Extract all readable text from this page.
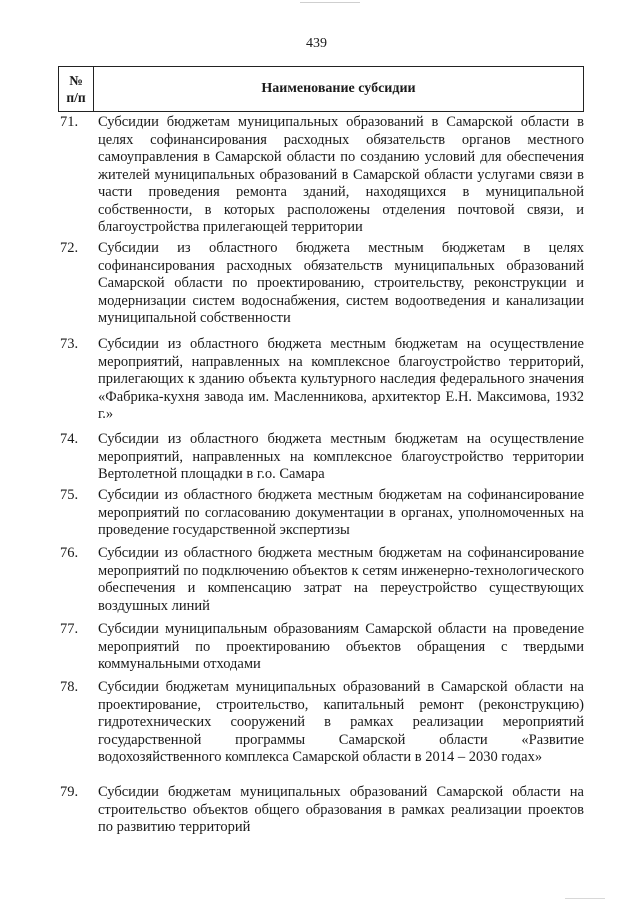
439
№
п/п
Наименование субсидии
71. Субсидии бюджетам муниципальных образований в Самарской области в целях софинансирования расходных обязательств органов местного самоуправления в Самарской области по созданию условий для обеспечения жителей муниципальных образований в Самарской области услугами связи в части проведения ремонта зданий, находящихся в муниципальной собственности, в которых расположены отделения почтовой связи, и благоустройства прилегающей территории
72. Субсидии из областного бюджета местным бюджетам в целях софинансирования расходных обязательств муниципальных образований Самарской области по проектированию, строительству, реконструкции и модернизации систем водоснабжения, систем водоотведения и канализации муниципальной собственности
73. Субсидии из областного бюджета местным бюджетам на осуществление мероприятий, направленных на комплексное благоустройство территорий, прилегающих к зданию объекта культурного наследия федерального значения «Фабрика-кухня завода им. Масленникова, архитектор Е.Н. Максимова, 1932 г.»
74. Субсидии из областного бюджета местным бюджетам на осуществление мероприятий, направленных на комплексное благоустройство территории Вертолетной площадки в г.о. Самара
75. Субсидии из областного бюджета местным бюджетам на софинансирование мероприятий по согласованию документации в органах, уполномоченных на проведение государственной экспертизы
76. Субсидии из областного бюджета местным бюджетам на софинансирование мероприятий по подключению объектов к сетям инженерно-технологического обеспечения и компенсацию затрат на переустройство существующих воздушных линий
77. Субсидии муниципальным образованиям Самарской области на проведение мероприятий по проектированию объектов обращения с твердыми коммунальными отходами
78. Субсидии бюджетам муниципальных образований в Самарской области на проектирование, строительство, капитальный ремонт (реконструкцию) гидротехнических сооружений в рамках реализации мероприятий государственной программы Самарской области «Развитие водохозяйственного комплекса Самарской области в 2014 – 2030 годах»
79. Субсидии бюджетам муниципальных образований Самарской области на строительство объектов общего образования в рамках реализации проектов по развитию территорий
